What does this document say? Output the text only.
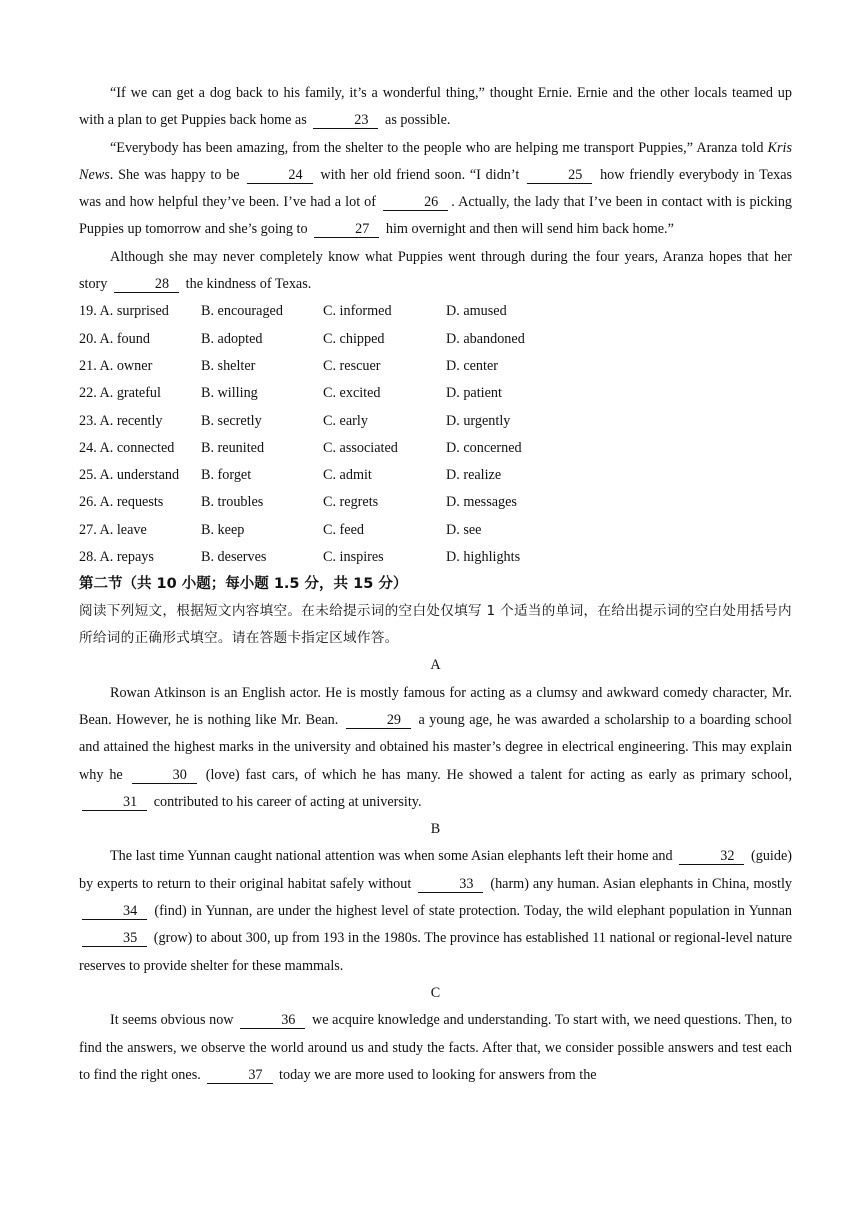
“If we can get a dog back to his family, it’s a wonderful thing,” thought Ernie. Ernie and the other locals teamed up with a plan to get Puppies back home as	23 as possible.

“Everybody has been amazing, from the shelter to the people who are helping me transport Puppies,” Aranza told Kris News. She was happy to be	24 with her old friend soon. “I didn’t	25 how friendly everybody in Texas was and how helpful they’ve been. I’ve had a lot of	26 . Actually, the lady that I’ve been in contact with is picking Puppies up tomorrow and she’s going to	27 him overnight and then will send him back home.”

Although she may never completely know what Puppies went through during the four years, Aranza hopes that her story	28 the kindness of Texas.

19. A. surprised	B. encouraged	C. informed	D. amused
20. A. found	B. adopted	C. chipped	D. abandoned
21. A. owner	B. shelter	C. rescuer	D. center
22. A. grateful	B. willing	C. excited	D. patient
23. A. recently	B. secretly	C. early	D. urgently
24. A. connected	B. reunited	C. associated	D. concerned
25. A. understand	B. forget	C. admit	D. realize
26. A. requests	B. troubles	C. regrets	D. messages
27. A. leave	B. keep	C. feed	D. see
28. A. repays	B. deserves	C. inspires	D. highlights

第二节（共 10 小题；每小题 1.5 分，共 15 分）

阅读下列短文，根据短文内容填空。在未给提示词的空白处仅填写 1 个适当的单词，在给出提示词的空白处用括号内所给词的正确形式填空。请在答题卡指定区域作答。

A

Rowan Atkinson is an English actor. He is mostly famous for acting as a clumsy and awkward comedy character, Mr. Bean. However, he is nothing like Mr. Bean.	29 a young age, he was awarded a scholarship to a boarding school and attained the highest marks in the university and obtained his master’s degree in electrical engineering. This may explain why he	30 (love) fast cars, of which he has many. He showed a talent for acting as early as primary school, 31 contributed to his career of acting at university.

B

The last time Yunnan caught national attention was when some Asian elephants left their home and	32 (guide) by experts to return to their original habitat safely without	33 (harm) any human. Asian elephants in China, mostly 34 (find) in Yunnan, are under the highest level of state protection. Today, the wild elephant population in Yunnan 35 (grow) to about 300, up from 193 in the 1980s. The province has established 11 national or regional-level nature reserves to provide shelter for these mammals.

C

It seems obvious now	36 we acquire knowledge and understanding. To start with, we need questions. Then, to find the answers, we observe the world around us and study the facts. After that, we consider possible answers and test each to find the right ones.	37 today we are more used to looking for answers from the
